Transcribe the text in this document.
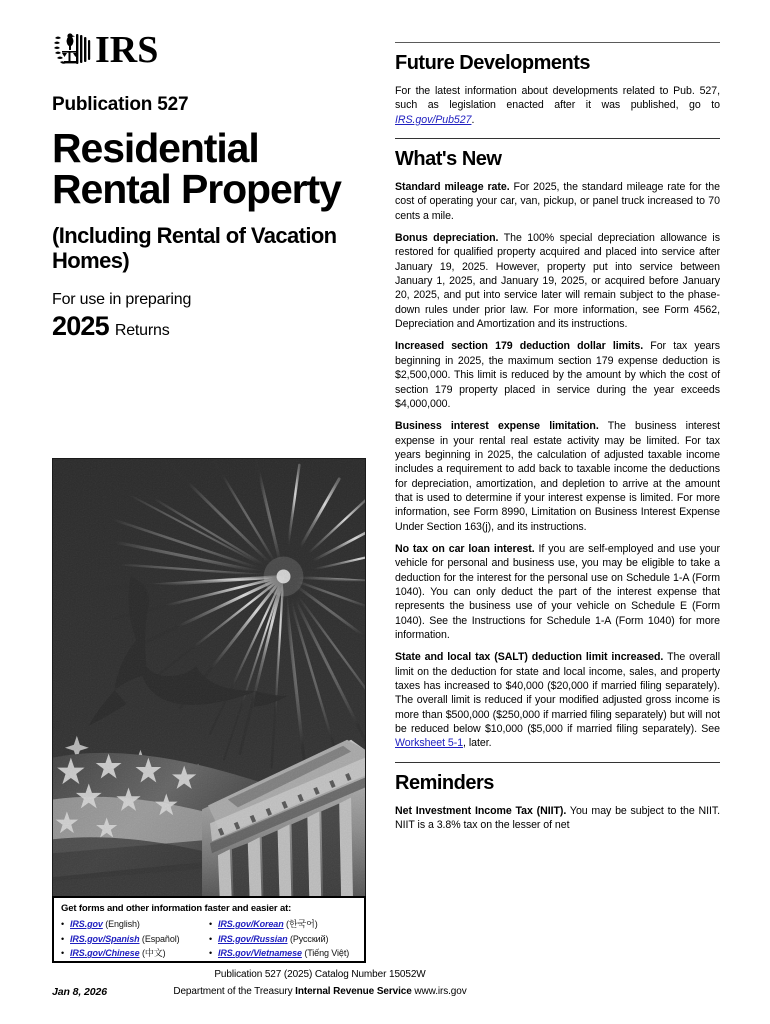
IRS
Publication 527
Residential Rental Property
(Including Rental of Vacation Homes)
For use in preparing
2025 Returns
Get forms and other information faster and easier at:
• IRS.gov (English)
• IRS.gov/Spanish (Español)
• IRS.gov/Chinese (中文)
• IRS.gov/Korean (한국어)
• IRS.gov/Russian (Pусский)
• IRS.gov/Vietnamese (Tiếng Việt)
Publication 527 (2025) Catalog Number 15052W
Department of the Treasury Internal Revenue Service www.irs.gov
Jan 8, 2026
Future Developments

For the latest information about developments related to Pub. 527, such as legislation enacted after it was published, go to IRS.gov/Pub527.

What's New

Standard mileage rate. For 2025, the standard mileage rate for the cost of operating your car, van, pickup, or panel truck increased to 70 cents a mile.

Bonus depreciation. The 100% special depreciation allowance is restored for qualified property acquired and placed into service after January 19, 2025. However, property put into service between January 1, 2025, and January 19, 2025, or acquired before January 20, 2025, and put into service later will remain subject to the phase-down rules under prior law. For more information, see Form 4562, Depreciation and Amortization and its instructions.

Increased section 179 deduction dollar limits. For tax years beginning in 2025, the maximum section 179 expense deduction is $2,500,000. This limit is reduced by the amount by which the cost of section 179 property placed in service during the year exceeds $4,000,000.

Business interest expense limitation. The business interest expense in your rental real estate activity may be limited. For tax years beginning in 2025, the calculation of adjusted taxable income includes a requirement to add back to taxable income the deductions for depreciation, amortization, and depletion to arrive at the amount that is used to determine if your interest expense is limited. For more information, see Form 8990, Limitation on Business Interest Expense Under Section 163(j), and its instructions.

No tax on car loan interest. If you are self-employed and use your vehicle for personal and business use, you may be eligible to take a deduction for the interest for the personal use on Schedule 1-A (Form 1040). You can only deduct the part of the interest expense that represents the business use of your vehicle on Schedule E (Form 1040). See the Instructions for Schedule 1-A (Form 1040) for more information.

State and local tax (SALT) deduction limit increased. The overall limit on the deduction for state and local income, sales, and property taxes has increased to $40,000 ($20,000 if married filing separately). The overall limit is reduced if your modified adjusted gross income is more than $500,000 ($250,000 if married filing separately) but will not be reduced below $10,000 ($5,000 if married filing separately). See Worksheet 5-1, later.

Reminders

Net Investment Income Tax (NIIT). You may be subject to the NIIT. NIIT is a 3.8% tax on the lesser of net
